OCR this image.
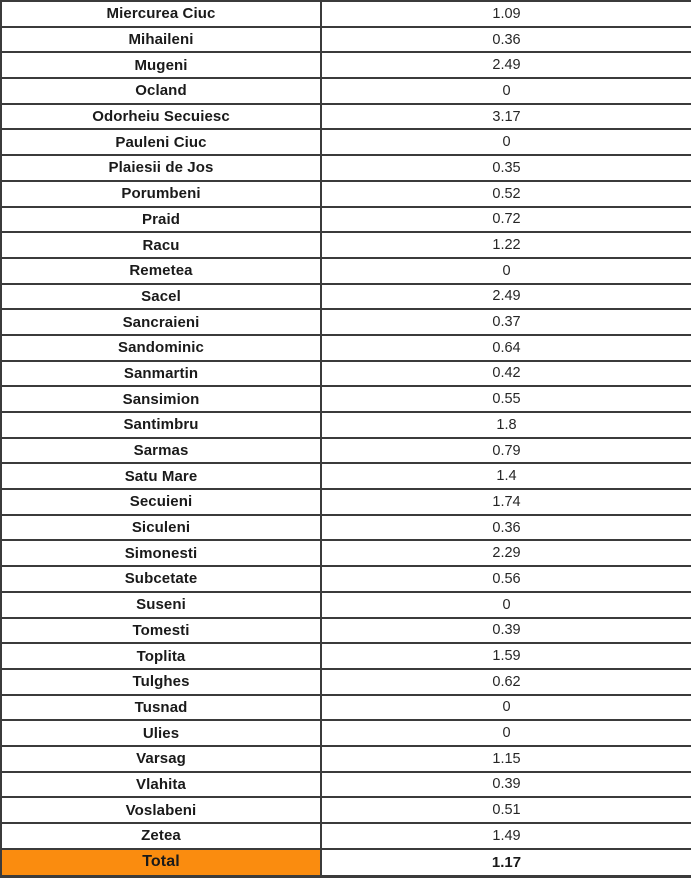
Miercurea Ciuc	1.09
Mihaileni	0.36
Mugeni	2.49
Ocland	0
Odorheiu Secuiesc	3.17
Pauleni Ciuc	0
Plaiesii de Jos	0.35
Porumbeni	0.52
Praid	0.72
Racu	1.22
Remetea	0
Sacel	2.49
Sancraieni	0.37
Sandominic	0.64
Sanmartin	0.42
Sansimion	0.55
Santimbru	1.8
Sarmas	0.79
Satu Mare	1.4
Secuieni	1.74
Siculeni	0.36
Simonesti	2.29
Subcetate	0.56
Suseni	0
Tomesti	0.39
Toplita	1.59
Tulghes	0.62
Tusnad	0
Ulies	0
Varsag	1.15
Vlahita	0.39
Voslabeni	0.51
Zetea	1.49
Total	1.17
